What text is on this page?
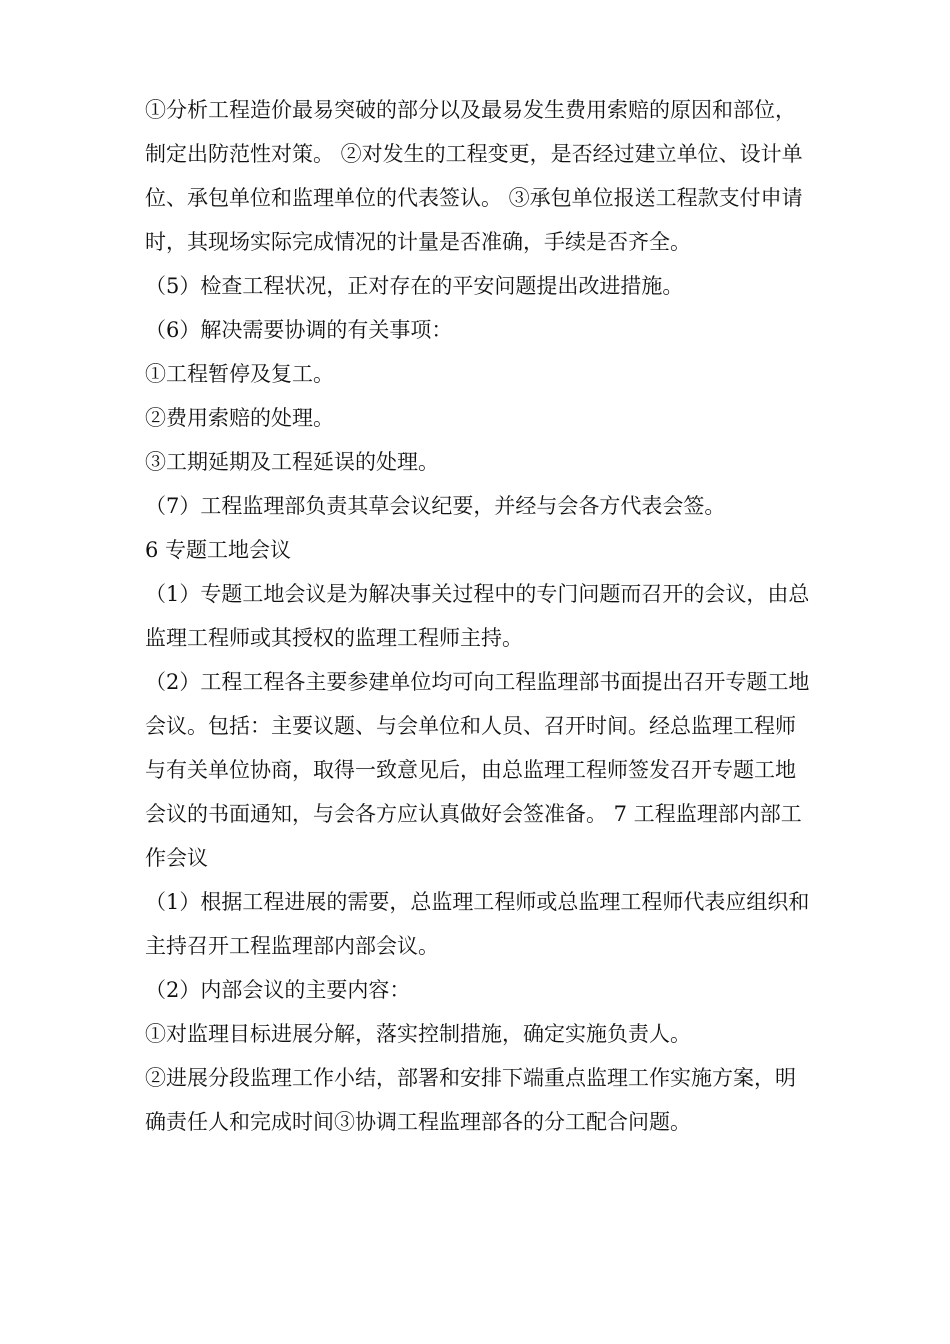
①分析工程造价最易突破的部分以及最易发生费用索赔的原因和部位，制定出防范性对策。 ②对发生的工程变更，是否经过建立单位、设计单位、承包单位和监理单位的代表签认。 ③承包单位报送工程款支付申请时，其现场实际完成情况的计量是否准确，手续是否齐全。

（5）检查工程状况，正对存在的平安问题提出改进措施。

（6）解决需要协调的有关事项：

①工程暂停及复工。

②费用索赔的处理。

③工期延期及工程延误的处理。

（7）工程监理部负责其草会议纪要，并经与会各方代表会签。

6 专题工地会议

（1）专题工地会议是为解决事关过程中的专门问题而召开的会议，由总监理工程师或其授权的监理工程师主持。

（2）工程工程各主要参建单位均可向工程监理部书面提出召开专题工地会议。包括：主要议题、与会单位和人员、召开时间。经总监理工程师与有关单位协商，取得一致意见后，由总监理工程师签发召开专题工地会议的书面通知，与会各方应认真做好会签准备。 7 工程监理部内部工作会议

（1）根据工程进展的需要，总监理工程师或总监理工程师代表应组织和主持召开工程监理部内部会议。

（2）内部会议的主要内容：

①对监理目标进展分解，落实控制措施，确定实施负责人。

②进展分段监理工作小结，部署和安排下端重点监理工作实施方案，明确责任人和完成时间③协调工程监理部各的分工配合问题。
